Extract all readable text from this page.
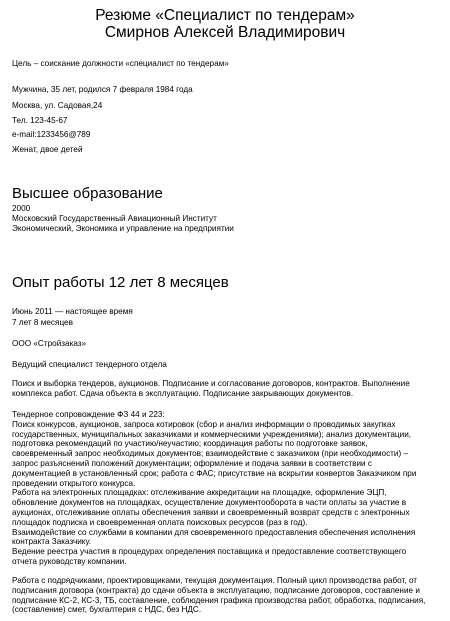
Резюме «Специалист по тендерам»
Смирнов Алексей Владимирович
Цель – соискание должности «специалист по тендерам»
Мужчина, 35 лет, родился 7 февраля 1984 года
Москва, ул. Садовая,24
Тел. 123-45-67
e-mail:1233456@789
Женат, двое детей
Высшее образование
2000
Московский Государственный Авиационный Институт
Экономический, Экономика и управление на предприятии
Опыт работы 12 лет 8 месяцев
Июнь 2011 — настоящее время
7 лет 8 месяцев
ООО «Стройзаказ»
Ведущий специалист тендерного отдела
Поиск и выборка тендеров, аукционов. Подписание и согласование договоров, контрактов. Выполнение
комплекса работ. Сдача объекта в эксплуатацию. Подписание закрывающих документов.
Тендерное сопровождение ФЗ 44 и 223:
Поиск конкурсов, аукционов, запроса котировок (сбор и анализ информации о проводимых закупках
государственных, муниципальных заказчиками и коммерческими учреждениями); анализ документации,
подготовка рекомендаций по участию/неучастию; координация работы по подготовке заявок,
своевременный запрос необходимых документов; взаимодействие с заказчиком (при необходимости) –
запрос разъяснений положений документации; оформление и подача заявки в соответствии с
документацией в установленный срок; работа с ФАС; присутствие на вскрытии конвертов Заказчиком при
проведении открытого конкурса.
Работа на электронных площадках: отслеживание аккредитации на площадке, оформление ЭЦП,
обновление документов на площадках, осуществление документооборота в части оплаты за участие в
аукционах, отслеживание оплаты обеспечения заявки и своевременный возврат средств с электронных
площадок подписка и своевременная оплата поисковых ресурсов (раз в год).
Взаимодействие со службами в компании для своевременного предоставления обеспечения исполнения
контракта Заказчику.
Ведение реестра участия в процедурах определения поставщика и предоставление соответствующего
отчета руководству компании.
Работа с подрядчиками, проектировщиками, текущая документация. Полный цикл производства работ, от
подписания договора (контракта) до сдачи объекта в эксплуатацию, подписание договоров, составление и
подписание КС-2, КС-3, ТБ, составление, соблюдения графика производства работ, обработка, подписания,
(составление) смет, бухгалтерия с НДС, без НДС.
